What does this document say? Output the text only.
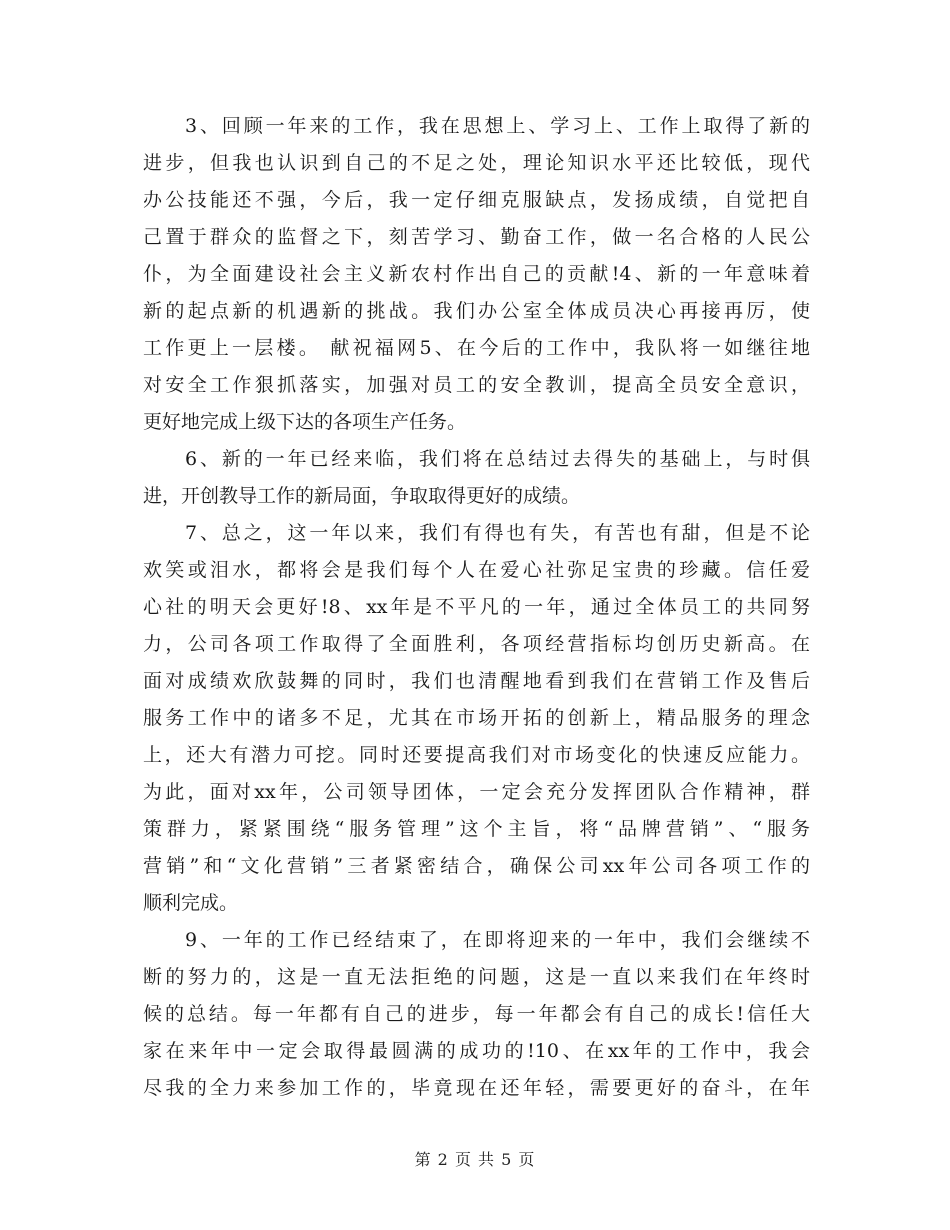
3、回顾一年来的工作，我在思想上、学习上、工作上取得了新的
进步，但我也认识到自己的不足之处，理论知识水平还比较低，现代
办公技能还不强，今后，我一定仔细克服缺点，发扬成绩，自觉把自
己置于群众的监督之下，刻苦学习、勤奋工作，做一名合格的人民公
仆，为全面建设社会主义新农村作出自己的贡献!4、新的一年意味着
新的起点新的机遇新的挑战。我们办公室全体成员决心再接再厉，使
工作更上一层楼。 献祝福网5、在今后的工作中，我队将一如继往地
对安全工作狠抓落实，加强对员工的安全教训，提高全员安全意识，
更好地完成上级下达的各项生产任务。
6、新的一年已经来临，我们将在总结过去得失的基础上，与时俱
进，开创教导工作的新局面，争取取得更好的成绩。
7、总之，这一年以来，我们有得也有失，有苦也有甜，但是不论
欢笑或泪水，都将会是我们每个人在爱心社弥足宝贵的珍藏。信任爱
心社的明天会更好!8、xx年是不平凡的一年，通过全体员工的共同努
力，公司各项工作取得了全面胜利，各项经营指标均创历史新高。在
面对成绩欢欣鼓舞的同时，我们也清醒地看到我们在营销工作及售后
服务工作中的诸多不足，尤其在市场开拓的创新上，精品服务的理念
上，还大有潜力可挖。同时还要提高我们对市场变化的快速反应能力。
为此，面对xx年，公司领导团体，一定会充分发挥团队合作精神，群
策群力，紧紧围绕“服务管理”这个主旨，将“品牌营销”、“服务
营销”和“文化营销”三者紧密结合，确保公司xx年公司各项工作的
顺利完成。
9、一年的工作已经结束了，在即将迎来的一年中，我们会继续不
断的努力的，这是一直无法拒绝的问题，这是一直以来我们在年终时
候的总结。每一年都有自己的进步，每一年都会有自己的成长!信任大
家在来年中一定会取得最圆满的成功的!10、在xx年的工作中，我会
尽我的全力来参加工作的，毕竟现在还年轻，需要更好的奋斗，在年
第 2 页 共 5 页
